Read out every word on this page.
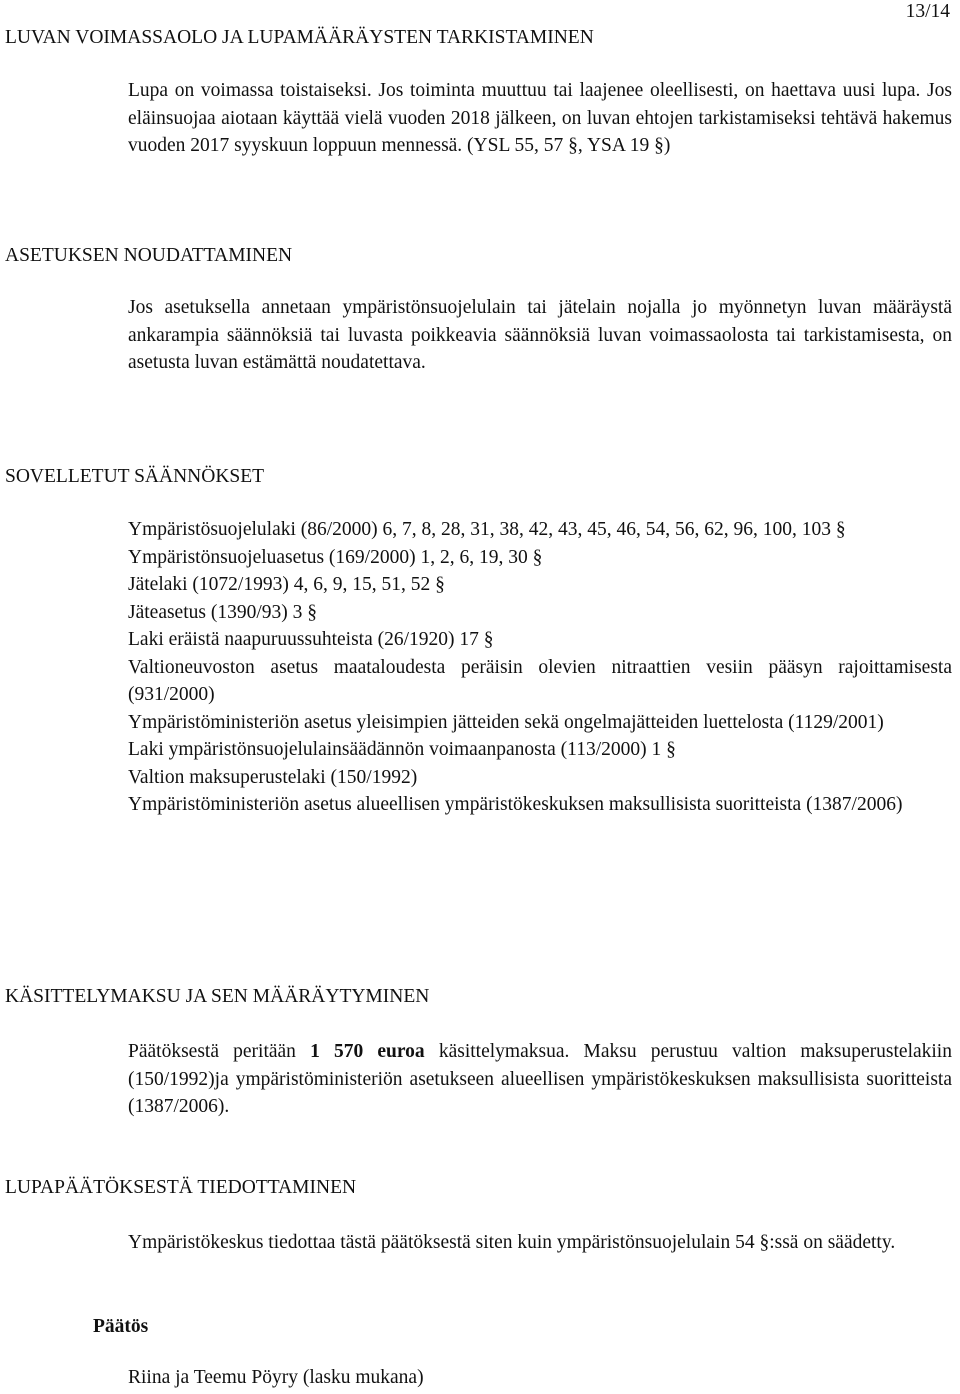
13/14
LUVAN VOIMASSAOLO JA LUPAMÄÄRÄYSTEN TARKISTAMINEN

Lupa on voimassa toistaiseksi. Jos toiminta muuttuu tai laajenee oleellisesti, on haettava uusi lupa. Jos eläinsuojaa aiotaan käyttää vielä vuoden 2018 jälkeen, on luvan ehtojen tarkistamiseksi tehtävä hakemus vuoden 2017 syyskuun loppuun mennessä. (YSL 55, 57 §, YSA 19 §)

ASETUKSEN NOUDATTAMINEN

Jos asetuksella annetaan ympäristönsuojelulain tai jätelain nojalla jo myönnetyn luvan määräystä ankarampia säännöksiä tai luvasta poikkeavia säännöksiä luvan voimassaolosta tai tarkistamisesta, on asetusta luvan estämättä noudatettava.

SOVELLETUT SÄÄNNÖKSET
Ympäristösuojelulaki (86/2000) 6, 7, 8, 28, 31, 38, 42, 43, 45, 46, 54, 56, 62, 96, 100, 103 §
Ympäristönsuojeluasetus (169/2000) 1, 2, 6, 19, 30 §
Jätelaki (1072/1993) 4, 6, 9, 15, 51, 52 §
Jäteasetus (1390/93) 3 §
Laki eräistä naapuruussuhteista (26/1920) 17 §
Valtioneuvoston asetus maataloudesta peräisin olevien nitraattien vesiin pääsyn rajoittamisesta (931/2000)
Ympäristöministeriön asetus yleisimpien jätteiden sekä ongelmajätteiden luettelosta (1129/2001)
Laki ympäristönsuojelulainsäädännön voimaanpanosta (113/2000) 1 §
Valtion maksuperustelaki (150/1992)
Ympäristöministeriön asetus alueellisen ympäristökeskuksen maksullisista suoritteista (1387/2006)
KÄSITTELYMAKSU JA SEN MÄÄRÄYTYMINEN

Päätöksestä peritään 1 570 euroa käsittelymaksua. Maksu perustuu valtion maksuperustelakiin (150/1992)ja ympäristöministeriön asetukseen alueellisen ympäristökeskuksen maksullisista suoritteista (1387/2006).

LUPAPÄÄTÖKSESTÄ TIEDOTTAMINEN

Ympäristökeskus tiedottaa tästä päätöksestä siten kuin ympäristönsuojelulain 54 §:ssä on säädetty.

Päätös
Riina ja Teemu Pöyry (lasku mukana)
